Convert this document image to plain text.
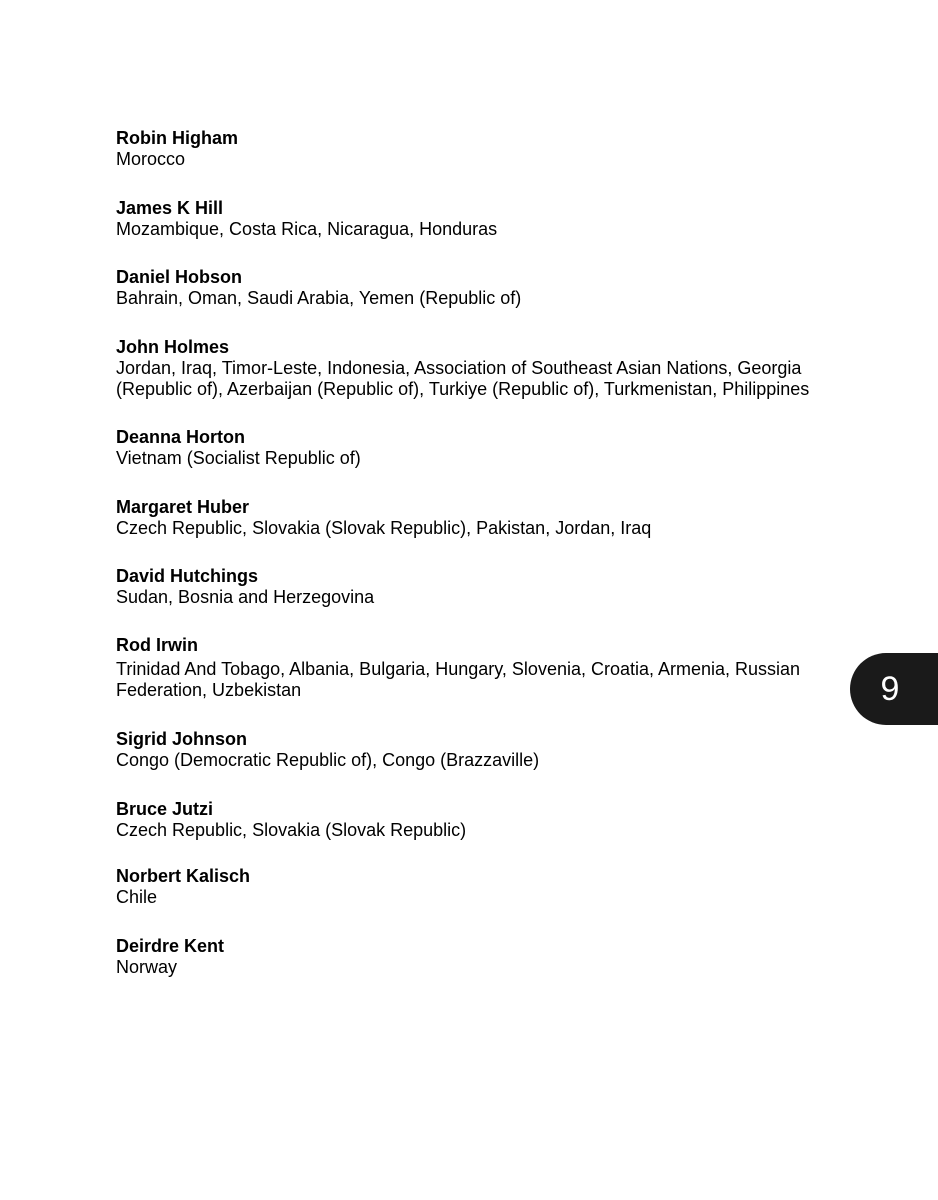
Robin Higham
Morocco
James K Hill
Mozambique, Costa Rica, Nicaragua, Honduras
Daniel Hobson
Bahrain, Oman, Saudi Arabia, Yemen (Republic of)
John Holmes
Jordan, Iraq, Timor-Leste, Indonesia, Association of Southeast Asian Nations, Georgia
(Republic of), Azerbaijan (Republic of), Turkiye (Republic of), Turkmenistan, Philippines
Deanna Horton
Vietnam (Socialist Republic of)
Margaret Huber
Czech Republic, Slovakia (Slovak Republic), Pakistan, Jordan, Iraq
David Hutchings
Sudan, Bosnia and Herzegovina
Rod Irwin
Trinidad And Tobago, Albania, Bulgaria, Hungary, Slovenia, Croatia, Armenia, Russian
Federation, Uzbekistan
Sigrid Johnson
Congo (Democratic Republic of), Congo (Brazzaville)
Bruce Jutzi
Czech Republic, Slovakia (Slovak Republic)
Norbert Kalisch
Chile
Deirdre Kent
Norway
9
